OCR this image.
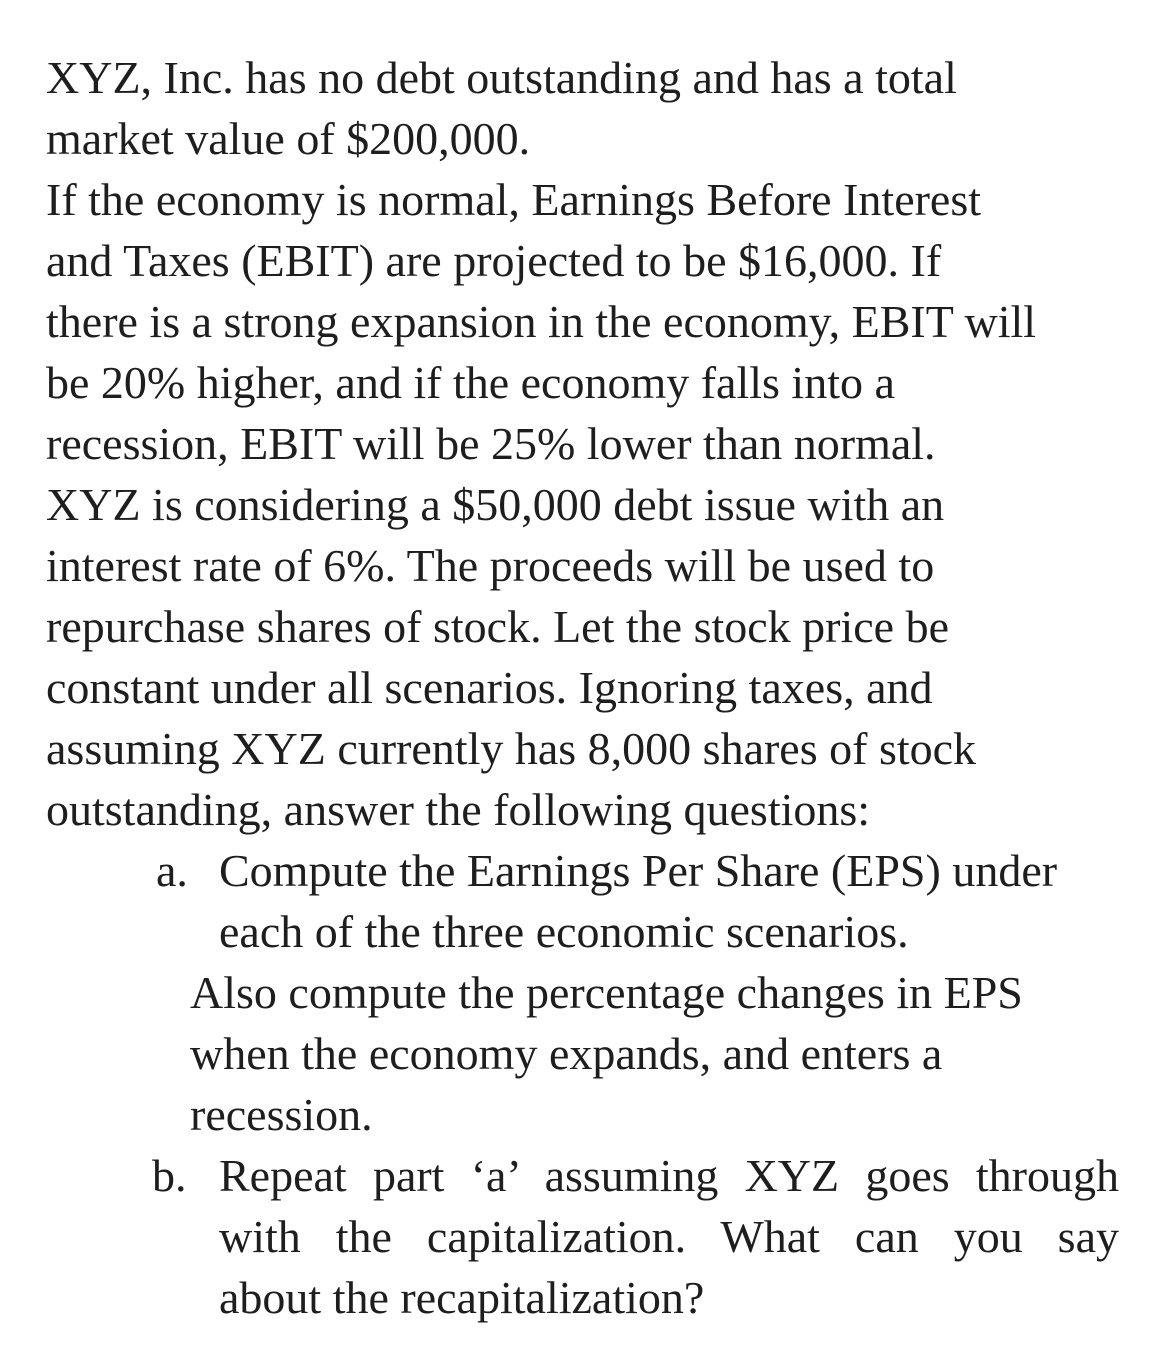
XYZ, Inc. has no debt outstanding and has a total
market value of $200,000.
If the economy is normal, Earnings Before Interest
and Taxes (EBIT) are projected to be $16,000. If
there is a strong expansion in the economy, EBIT will
be 20% higher, and if the economy falls into a
recession, EBIT will be 25% lower than normal.
XYZ is considering a $50,000 debt issue with an
interest rate of 6%. The proceeds will be used to
repurchase shares of stock. Let the stock price be
constant under all scenarios. Ignoring taxes, and
assuming XYZ currently has 8,000 shares of stock
outstanding, answer the following questions:
a. Compute the Earnings Per Share (EPS) under
each of the three economic scenarios.
Also compute the percentage changes in EPS
when the economy expands, and enters a
recession.
b. Repeat part ‘a’ assuming XYZ goes through
with the capitalization. What can you say
about the recapitalization?
